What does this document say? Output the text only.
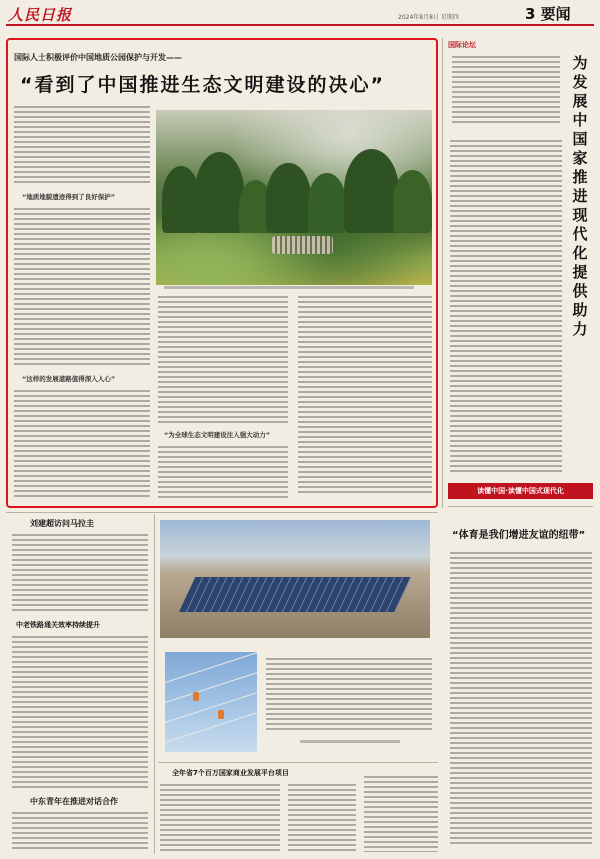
人民日报	2024年8月8日 星期四	3 要闻
国际人士积极评价中国地质公园保护与开发——
“看到了中国推进生态文明建设的决心”
“地质地貌遗迹得到了良好保护”
“这样的发展道路值得深入人心”
“为全球生态文明建设注入强大动力”
国际论坛
为发展中国家推进现代化提供助力
读懂中国·读懂中国式现代化
“体育是我们增进友谊的纽带”
刘建超访问马拉圭
中老铁路通关效率持续提升
中东青年在推进对话合作
全年省7个百万国家商业发展平台项目
